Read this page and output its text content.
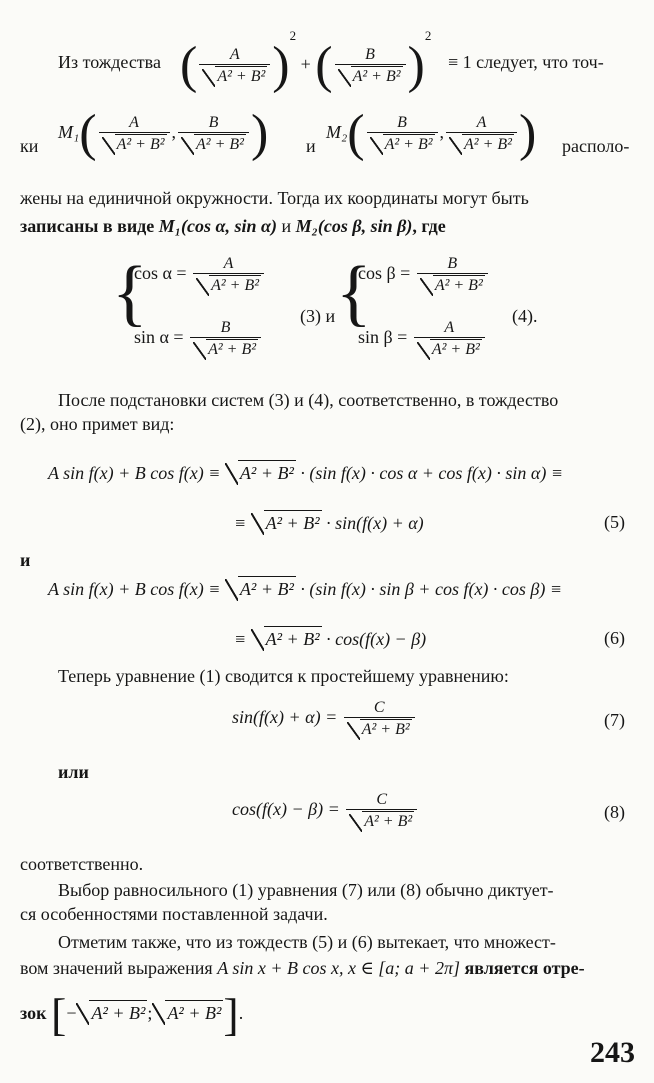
Из тождества ( $\frac{A}{\text{A² + B²}} )^2$ + ( $\frac{B}{\text{A² + B²}} )^2$
≡ 1 следует, что точ-
ки
$M_1( \frac{A}{\text{A² + B²}}$ , $\frac{B}{\text{A² + B²}}$ ) и
$M_2( \frac{B}{\text{A² + B²}}$ , $\frac{A}{\text{A² + B²}}$ ) располо-
жены на единичной окружности. Тогда их координаты могут быть
записаны в виде M₁(cos α, sin α) и M₂(cos β, sin β), где
{
$\cos \alpha = \frac{A}{\text{A² + B²}}$
$\sin \alpha = \frac{B}{\text{A² + B²}}$
(3) и {
$\cos \beta = \frac{B}{\text{A² + B²}}$
$\sin \beta = \frac{A}{\text{A² + B²}}$
(4).
После подстановки систем (3) и (4), соответственно, в тождество
(2), оно примет вид:
A sin f(x) + B cos f(x) ≡ A² + B² · (sin f(x) · cos α + cos f(x) · sin α) ≡
≡ A² + B² · sin(f(x) + α)	(5)
и
A sin f(x) + B cos f(x) ≡ A² + B² · (sin f(x) · sin β + cos f(x) · cos β) ≡
≡ A² + B² · cos(f(x) − β)	(6)
Теперь уравнение (1) сводится к простейшему уравнению:
$\sin(f(x) + \alpha) = \frac{C}{\text{A² + B²}}$	(7)
или
$\cos(f(x) - \beta) = \frac{C}{\text{A² + B²}}$	(8)
соответственно.
Выбор равносильного (1) уравнения (7) или (8) обычно диктует-
ся особенностями поставленной задачи.
Отметим также, что из тождеств (5) и (6) вытекает, что множест-
вом значений выражения A sin x + B cos x, x ∈ [a; a + 2π] является отре-
зок [− A² + B² ; A² + B²].
243
